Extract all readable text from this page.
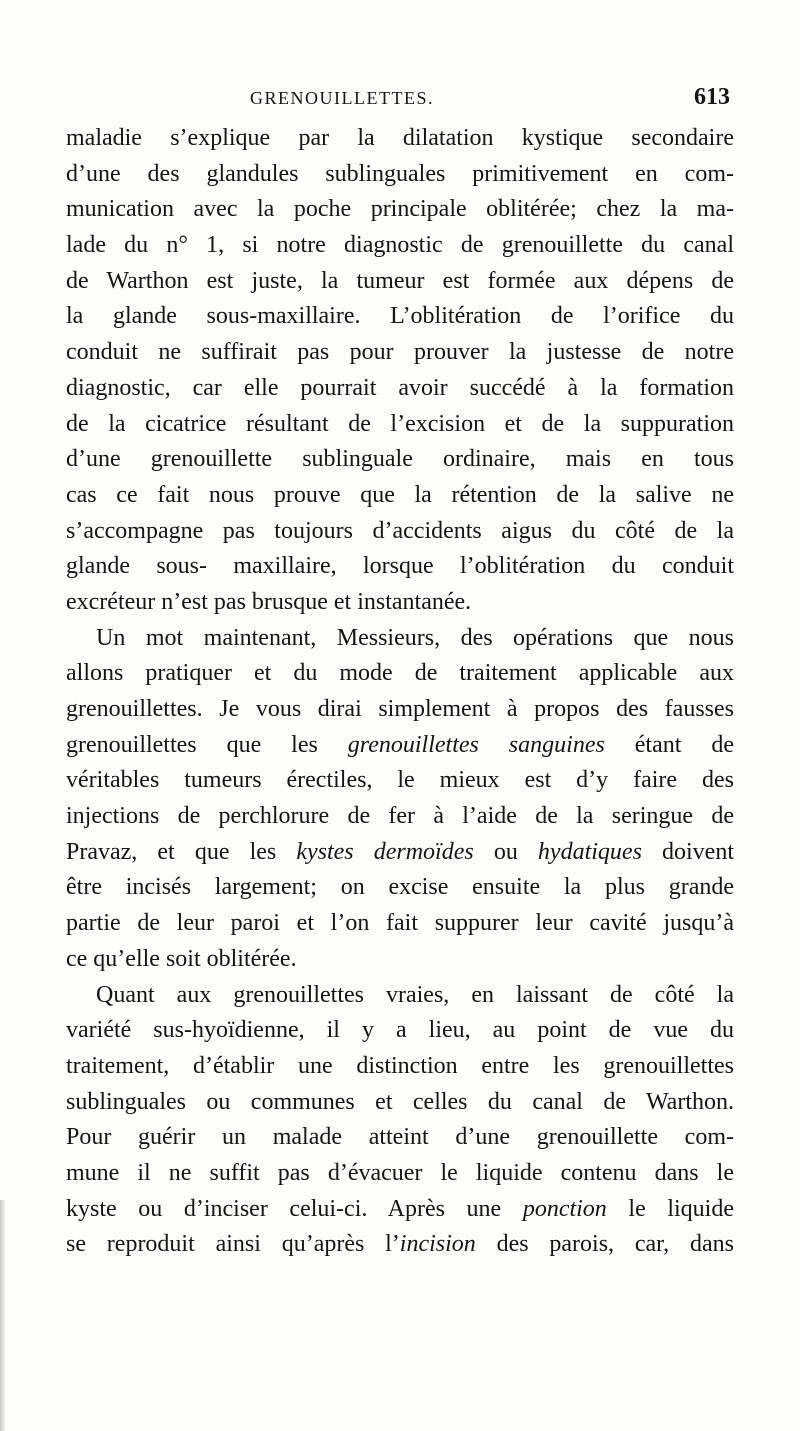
GRENOUILLETTES.	613
maladie s’explique par la dilatation kystique secondaire
d’une des glandules sublinguales primitivement en com-
munication avec la poche principale oblitérée; chez la ma-
lade du n° 1, si notre diagnostic de grenouillette du canal
de Warthon est juste, la tumeur est formée aux dépens de
la glande sous-maxillaire. L’oblitération de l’orifice du
conduit ne suffirait pas pour prouver la justesse de notre
diagnostic, car elle pourrait avoir succédé à la formation
de la cicatrice résultant de l’excision et de la suppuration
d’une grenouillette sublinguale ordinaire, mais en tous
cas ce fait nous prouve que la rétention de la salive ne
s’accompagne pas toujours d’accidents aigus du côté de la
glande sous- maxillaire, lorsque l’oblitération du conduit
excréteur n’est pas brusque et instantanée.
Un mot maintenant, Messieurs, des opérations que nous
allons pratiquer et du mode de traitement applicable aux
grenouillettes. Je vous dirai simplement à propos des fausses
grenouillettes que les grenouillettes sanguines étant de
véritables tumeurs érectiles, le mieux est d’y faire des
injections de perchlorure de fer à l’aide de la seringue de
Pravaz, et que les kystes dermoïdes ou hydatiques doivent
être incisés largement; on excise ensuite la plus grande
partie de leur paroi et l’on fait suppurer leur cavité jusqu’à
ce qu’elle soit oblitérée.
Quant aux grenouillettes vraies, en laissant de côté la
variété sus-hyoïdienne, il y a lieu, au point de vue du
traitement, d’établir une distinction entre les grenouillettes
sublinguales ou communes et celles du canal de Warthon.
Pour guérir un malade atteint d’une grenouillette com-
mune il ne suffit pas d’évacuer le liquide contenu dans le
kyste ou d’inciser celui-ci. Après une ponction le liquide
se reproduit ainsi qu’après l’incision des parois, car, dans
